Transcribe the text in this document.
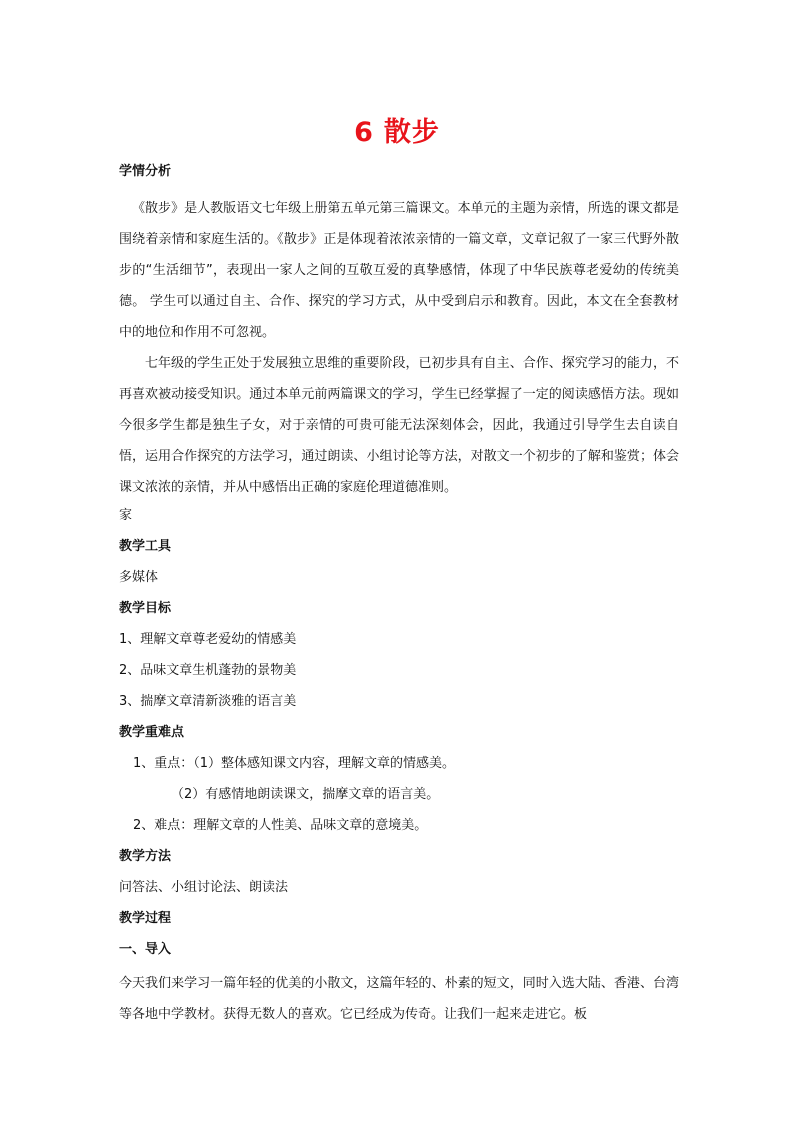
6 散步
学情分析

《散步》是人教版语文七年级上册第五单元第三篇课文。本单元的主题为亲情，所选的课文都是围绕着亲情和家庭生活的。《散步》正是体现着浓浓亲情的一篇文章，文章记叙了一家三代野外散步的“生活细节”，表现出一家人之间的互敬互爱的真挚感情，体现了中华民族尊老爱幼的传统美德。 学生可以通过自主、合作、探究的学习方式，从中受到启示和教育。因此，本文在全套教材中的地位和作用不可忽视。

七年级的学生正处于发展独立思维的重要阶段，已初步具有自主、合作、探究学习的能力，不再喜欢被动接受知识。通过本单元前两篇课文的学习，学生已经掌握了一定的阅读感悟方法。现如今很多学生都是独生子女，对于亲情的可贵可能无法深刻体会，因此，我通过引导学生去自读自悟，运用合作探究的方法学习，通过朗读、小组讨论等方法，对散文一个初步的了解和鉴赏；体会课文浓浓的亲情，并从中感悟出正确的家庭伦理道德准则。

家
教学工具
多媒体
教学目标
1、理解文章尊老爱幼的情感美
2、品味文章生机蓬勃的景物美
3、揣摩文章清新淡雅的语言美
教学重难点
1、重点：（1）整体感知课文内容，理解文章的情感美。
（2）有感情地朗读课文，揣摩文章的语言美。
2、难点：理解文章的人性美、品味文章的意境美。
教学方法
问答法、小组讨论法、朗读法
教学过程
一、导入

今天我们来学习一篇年轻的优美的小散文，这篇年轻的、朴素的短文，同时入选大陆、香港、台湾等各地中学教材。获得无数人的喜欢。它已经成为传奇。让我们一起来走进它。板
